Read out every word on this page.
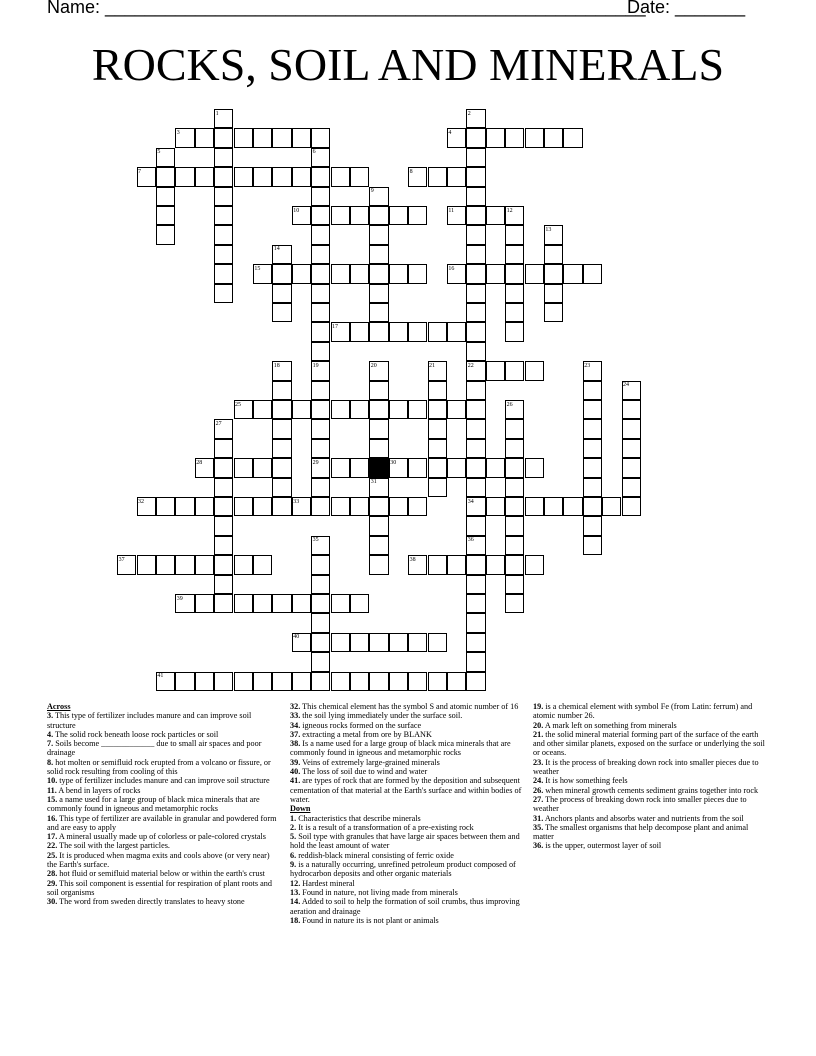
Name: ______________________________________________________
Date: _______
ROCKS, SOIL AND MINERALS
1	2
3	4
5	6
7	8
9
10	11	12
13
14
15	16
17
18	19	20	21	22	23
24
25	26
27
28	29	30
31
32	33	34
35	36
37	38
39
40
41
Across
3. This type of fertilizer includes manure and can improve soil structure
4. The solid rock beneath loose rock particles or soil
7. Soils become _____________ due to small air spaces and poor drainage
8. hot molten or semifluid rock erupted from a volcano or fissure, or solid rock resulting from cooling of this
10. type of fertilizer includes manure and can improve soil structure
11. A bend in layers of rocks
15. a name used for a large group of black mica minerals that are commonly found in igneous and metamorphic rocks
16. This type of fertilizer are available in granular and powdered form and are easy to apply
17. A mineral usually made up of colorless or pale-colored crystals
22. The soil with the largest particles.
25. It is produced when magma exits and cools above (or very near) the Earth's surface.
28. hot fluid or semifluid material below or within the earth's crust
29. This soil component is essential for respiration of plant roots and soil organisms
30. The word from sweden directly translates to heavy stone
32. This chemical element has the symbol S and atomic number of 16
33. the soil lying immediately under the surface soil.
34. igneous rocks formed on the surface
37. extracting a metal from ore by BLANK
38. Is a name used for a large group of black mica minerals that are commonly found in igneous and metamorphic rocks
39. Veins of extremely large-grained minerals
40. The loss of soil due to wind and water
41. are types of rock that are formed by the deposition and subsequent cementation of that material at the Earth's surface and within bodies of water.
Down
1. Characteristics that describe minerals
2. It is a result of a transformation of a pre-existing rock
5. Soil type with granules that have large air spaces between them and hold the least amount of water
6. reddish-black mineral consisting of ferric oxide
9. is a naturally occurring, unrefined petroleum product composed of hydrocarbon deposits and other organic materials
12. Hardest mineral
13. Found in nature, not living made from minerals
14. Added to soil to help the formation of soil crumbs, thus improving aeration and drainage
18. Found in nature its is not plant or animals
19. is a chemical element with symbol Fe (from Latin: ferrum) and atomic number 26.
20. A mark left on something from minerals
21. the solid mineral material forming part of the surface of the earth and other similar planets, exposed on the surface or underlying the soil or oceans.
23. It is the process of breaking down rock into smaller pieces due to weather
24. It is how something feels
26. when mineral growth cements sediment grains together into rock
27. The process of breaking down rock into smaller pieces due to weather
31. Anchors plants and absorbs water and nutrients from the soil
35. The smallest organisms that help decompose plant and animal matter
36. is the upper, outermost layer of soil
